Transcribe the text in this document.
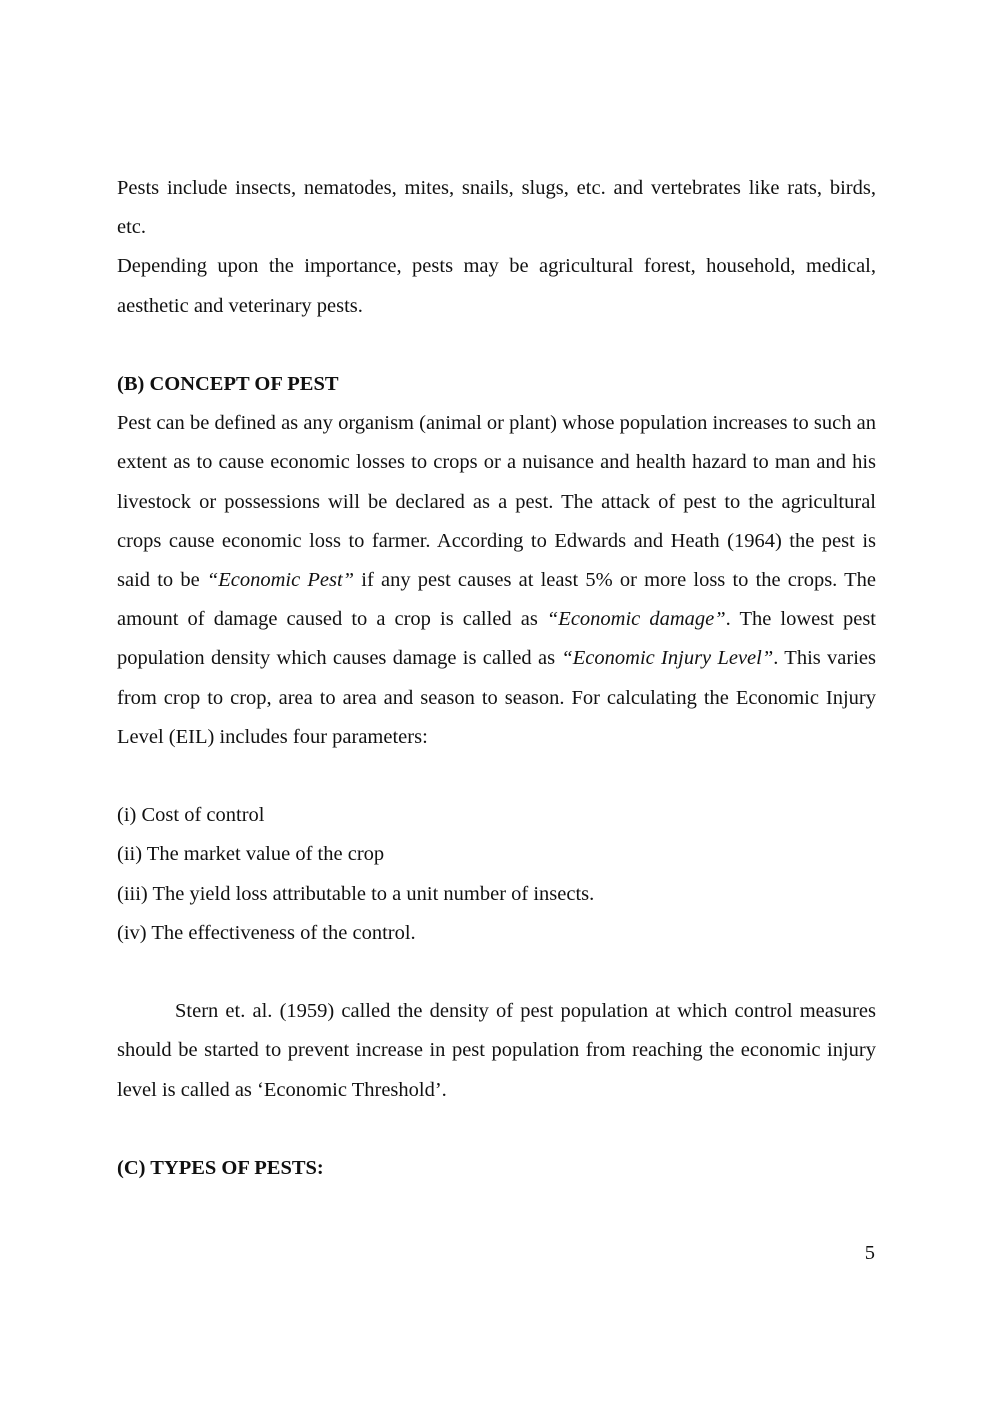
Pests include insects, nematodes, mites, snails, slugs, etc. and vertebrates like rats, birds, etc.

Depending upon the importance, pests may be agricultural forest, household, medical, aesthetic and veterinary pests.

(B) CONCEPT OF PEST

Pest can be defined as any organism (animal or plant) whose population increases to such an extent as to cause economic losses to crops or a nuisance and health hazard to man and his livestock or possessions will be declared as a pest. The attack of pest to the agricultural crops cause economic loss to farmer. According to Edwards and Heath (1964) the pest is said to be “Economic Pest” if any pest causes at least 5% or more loss to the crops. The amount of damage caused to a crop is called as “Economic damage”. The lowest pest population density which causes damage is called as “Economic Injury Level”. This varies from crop to crop, area to area and season to season. For calculating the Economic Injury Level (EIL) includes four parameters:

(i) Cost of control

(ii) The market value of the crop

(iii) The yield loss attributable to a unit number of insects.

(iv) The effectiveness of the control.

Stern et. al. (1959) called the density of pest population at which control measures should be started to prevent increase in pest population from reaching the economic injury level is called as ‘Economic Threshold’.

(C) TYPES OF PESTS:

5
